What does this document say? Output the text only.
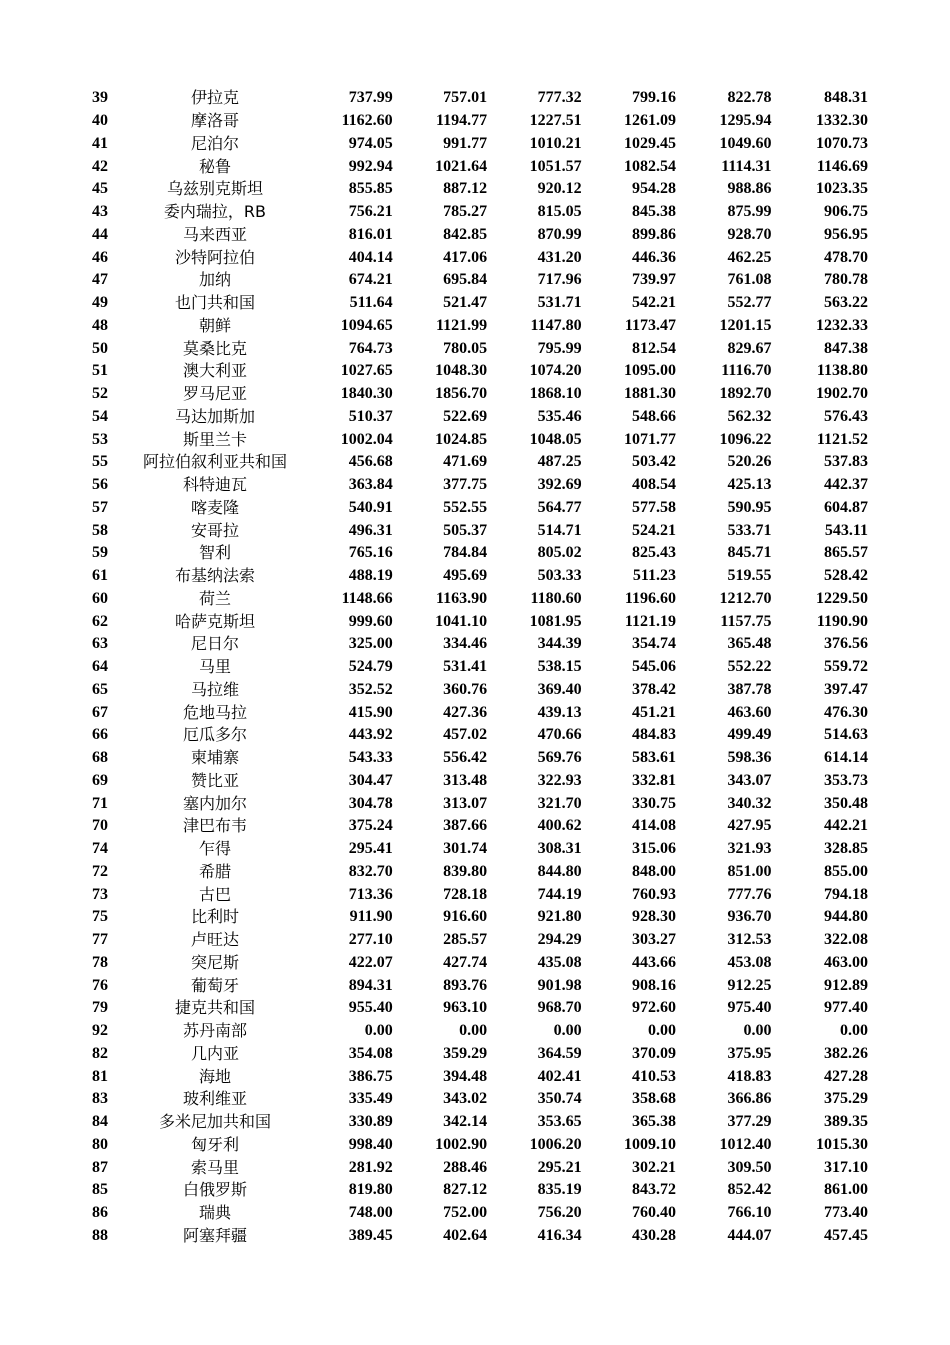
39	伊拉克	737.99	757.01	777.32	799.16	822.78	848.31
40	摩洛哥	1162.60	1194.77	1227.51	1261.09	1295.94	1332.30
41	尼泊尔	974.05	991.77	1010.21	1029.45	1049.60	1070.73
42	秘鲁	992.94	1021.64	1051.57	1082.54	1114.31	1146.69
45	乌兹别克斯坦	855.85	887.12	920.12	954.28	988.86	1023.35
43	委内瑞拉，RB	756.21	785.27	815.05	845.38	875.99	906.75
44	马来西亚	816.01	842.85	870.99	899.86	928.70	956.95
46	沙特阿拉伯	404.14	417.06	431.20	446.36	462.25	478.70
47	加纳	674.21	695.84	717.96	739.97	761.08	780.78
49	也门共和国	511.64	521.47	531.71	542.21	552.77	563.22
48	朝鲜	1094.65	1121.99	1147.80	1173.47	1201.15	1232.33
50	莫桑比克	764.73	780.05	795.99	812.54	829.67	847.38
51	澳大利亚	1027.65	1048.30	1074.20	1095.00	1116.70	1138.80
52	罗马尼亚	1840.30	1856.70	1868.10	1881.30	1892.70	1902.70
54	马达加斯加	510.37	522.69	535.46	548.66	562.32	576.43
53	斯里兰卡	1002.04	1024.85	1048.05	1071.77	1096.22	1121.52
55	阿拉伯叙利亚共和国	456.68	471.69	487.25	503.42	520.26	537.83
56	科特迪瓦	363.84	377.75	392.69	408.54	425.13	442.37
57	喀麦隆	540.91	552.55	564.77	577.58	590.95	604.87
58	安哥拉	496.31	505.37	514.71	524.21	533.71	543.11
59	智利	765.16	784.84	805.02	825.43	845.71	865.57
61	布基纳法索	488.19	495.69	503.33	511.23	519.55	528.42
60	荷兰	1148.66	1163.90	1180.60	1196.60	1212.70	1229.50
62	哈萨克斯坦	999.60	1041.10	1081.95	1121.19	1157.75	1190.90
63	尼日尔	325.00	334.46	344.39	354.74	365.48	376.56
64	马里	524.79	531.41	538.15	545.06	552.22	559.72
65	马拉维	352.52	360.76	369.40	378.42	387.78	397.47
67	危地马拉	415.90	427.36	439.13	451.21	463.60	476.30
66	厄瓜多尔	443.92	457.02	470.66	484.83	499.49	514.63
68	柬埔寨	543.33	556.42	569.76	583.61	598.36	614.14
69	赞比亚	304.47	313.48	322.93	332.81	343.07	353.73
71	塞内加尔	304.78	313.07	321.70	330.75	340.32	350.48
70	津巴布韦	375.24	387.66	400.62	414.08	427.95	442.21
74	乍得	295.41	301.74	308.31	315.06	321.93	328.85
72	希腊	832.70	839.80	844.80	848.00	851.00	855.00
73	古巴	713.36	728.18	744.19	760.93	777.76	794.18
75	比利时	911.90	916.60	921.80	928.30	936.70	944.80
77	卢旺达	277.10	285.57	294.29	303.27	312.53	322.08
78	突尼斯	422.07	427.74	435.08	443.66	453.08	463.00
76	葡萄牙	894.31	893.76	901.98	908.16	912.25	912.89
79	捷克共和国	955.40	963.10	968.70	972.60	975.40	977.40
92	苏丹南部	0.00	0.00	0.00	0.00	0.00	0.00
82	几内亚	354.08	359.29	364.59	370.09	375.95	382.26
81	海地	386.75	394.48	402.41	410.53	418.83	427.28
83	玻利维亚	335.49	343.02	350.74	358.68	366.86	375.29
84	多米尼加共和国	330.89	342.14	353.65	365.38	377.29	389.35
80	匈牙利	998.40	1002.90	1006.20	1009.10	1012.40	1015.30
87	索马里	281.92	288.46	295.21	302.21	309.50	317.10
85	白俄罗斯	819.80	827.12	835.19	843.72	852.42	861.00
86	瑞典	748.00	752.00	756.20	760.40	766.10	773.40
88	阿塞拜疆	389.45	402.64	416.34	430.28	444.07	457.45
